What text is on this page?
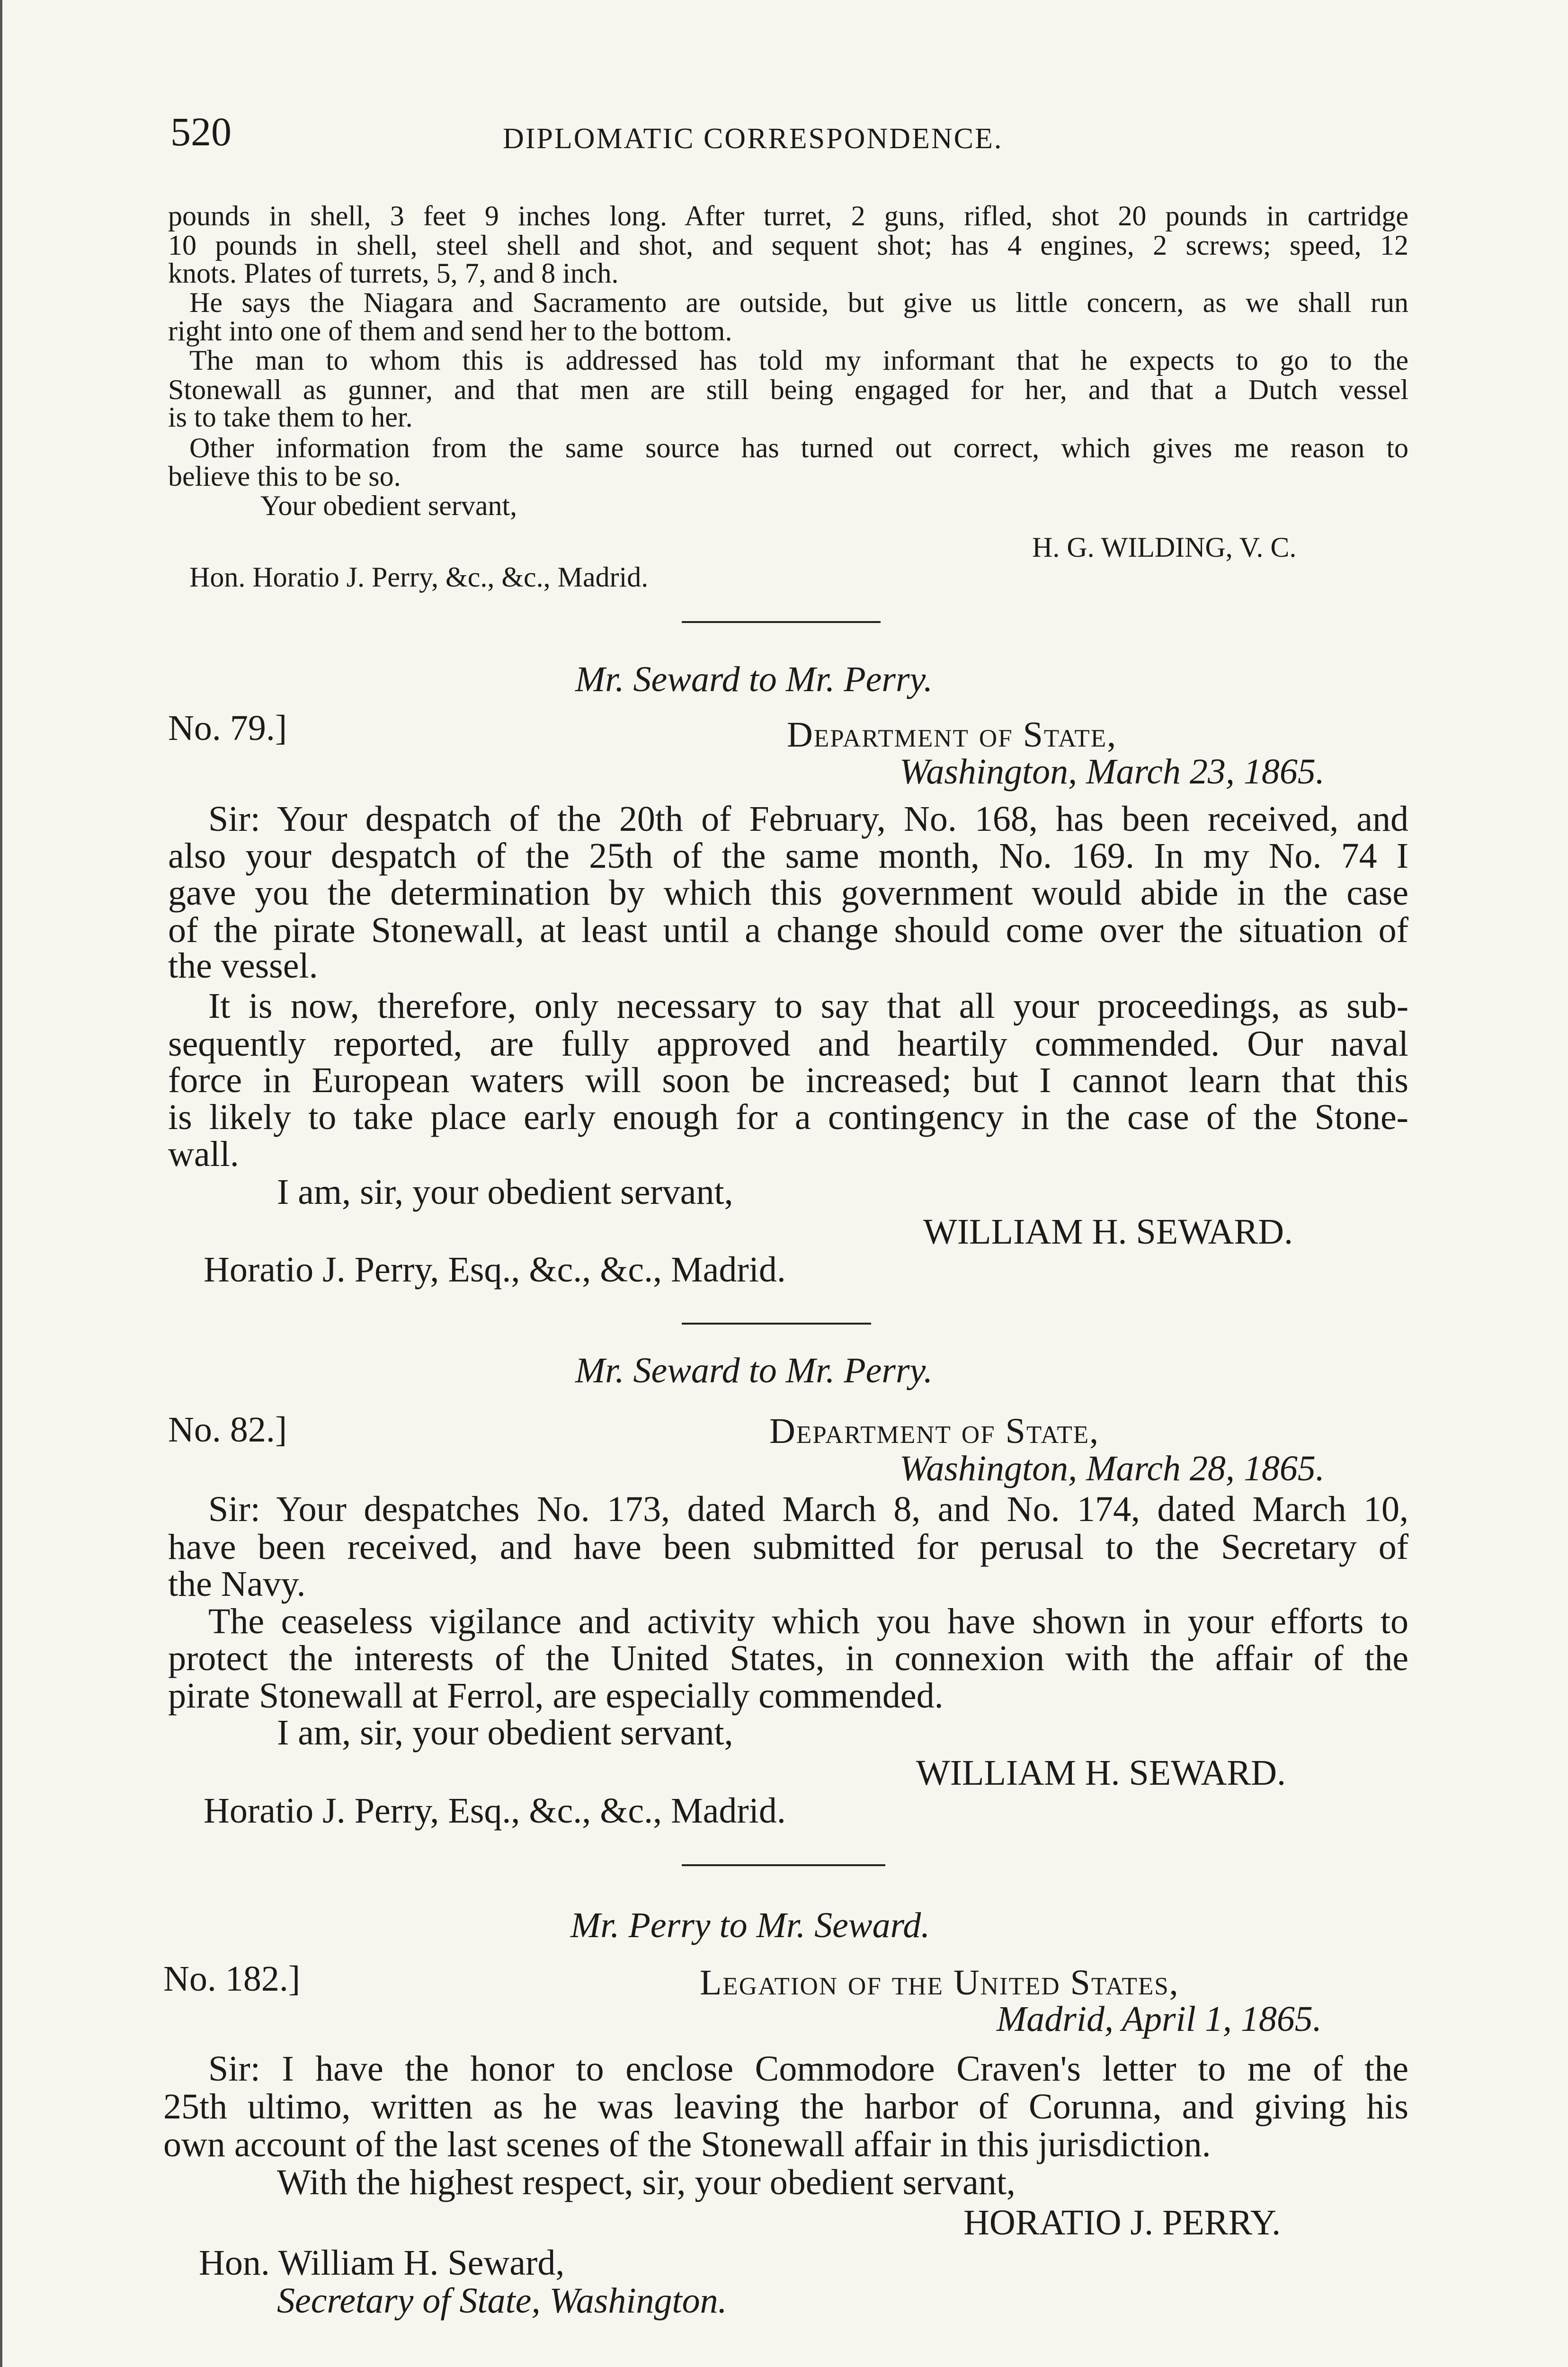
520	DIPLOMATIC CORRESPONDENCE.
pounds in shell, 3 feet 9 inches long. After turret, 2 guns, rifled, shot 20 pounds in cartridge
10 pounds in shell, steel shell and shot, and sequent shot; has 4 engines, 2 screws; speed, 12
knots. Plates of turrets, 5, 7, and 8 inch.
He says the Niagara and Sacramento are outside, but give us little concern, as we shall run
right into one of them and send her to the bottom.
The man to whom this is addressed has told my informant that he expects to go to the
Stonewall as gunner, and that men are still being engaged for her, and that a Dutch vessel
is to take them to her.
Other information from the same source has turned out correct, which gives me reason to
believe this to be so.
Your obedient servant,
H. G. WILDING, V. C.
Hon. Horatio J. Perry, &c., &c., Madrid.
Mr. Seward to Mr. Perry.
No. 79.]	Department of State,
Washington, March 23, 1865.
Sir: Your despatch of the 20th of February, No. 168, has been received, and
also your despatch of the 25th of the same month, No. 169. In my No. 74 I
gave you the determination by which this government would abide in the case
of the pirate Stonewall, at least until a change should come over the situation of
the vessel.
It is now, therefore, only necessary to say that all your proceedings, as sub-
sequently reported, are fully approved and heartily commended. Our naval
force in European waters will soon be increased; but I cannot learn that this
is likely to take place early enough for a contingency in the case of the Stone-
wall.
I am, sir, your obedient servant,
WILLIAM H. SEWARD.
Horatio J. Perry, Esq., &c., &c., Madrid.
Mr. Seward to Mr. Perry.
No. 82.]	Department of State,
Washington, March 28, 1865.
Sir: Your despatches No. 173, dated March 8, and No. 174, dated March 10,
have been received, and have been submitted for perusal to the Secretary of
the Navy.
The ceaseless vigilance and activity which you have shown in your efforts to
protect the interests of the United States, in connexion with the affair of the
pirate Stonewall at Ferrol, are especially commended.
I am, sir, your obedient servant,
WILLIAM H. SEWARD.
Horatio J. Perry, Esq., &c., &c., Madrid.
Mr. Perry to Mr. Seward.
No. 182.]	Legation of the United States,
Madrid, April 1, 1865.
Sir: I have the honor to enclose Commodore Craven's letter to me of the
25th ultimo, written as he was leaving the harbor of Corunna, and giving his
own account of the last scenes of the Stonewall affair in this jurisdiction.
With the highest respect, sir, your obedient servant,
HORATIO J. PERRY.
Hon. William H. Seward,
Secretary of State, Washington.
